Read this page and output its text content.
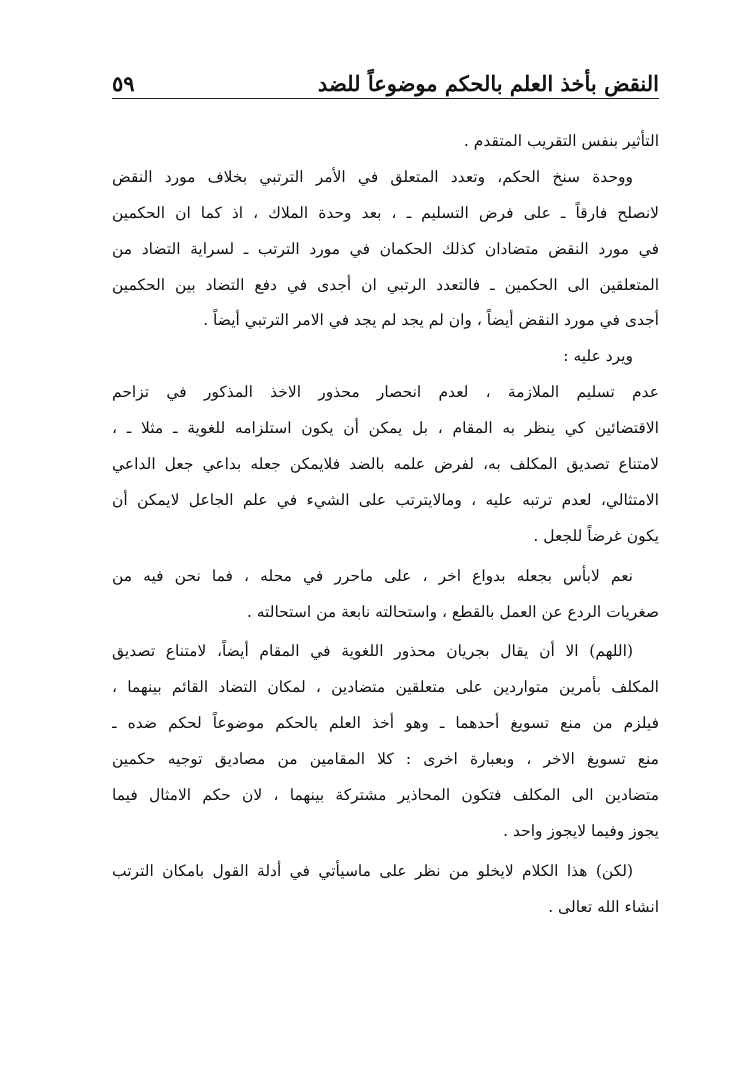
النقض بأخذ العلم بالحكم موضوعاً للضد
٥٩
التأثير بنفس التقريب المتقدم .
ووحدة سنخ الحكم، وتعدد المتعلق في الأمر الترتبي بخلاف مورد النقض
لانصلح فارقاً ـ على فرض التسليم ـ ، بعد وحدة الملاك ، اذ كما ان الحكمين
في مورد النقض متضادان كذلك الحكمان في مورد الترتب ـ لسراية التضاد من
المتعلقين الى الحكمين ـ فالتعدد الرتبي ان أجدى في دفع التضاد بين الحكمين
أجدى في مورد النقض أيضاً ، وان لم يجد لم يجد في الامر الترتبي أيضاً .
ويرد عليه :
عدم تسليم الملازمة ، لعدم انحصار محذور الاخذ المذكور في تزاحم
الاقتضائين كي ينظر به المقام ، بل يمكن أن يكون استلزامه للغوية ـ مثلا ـ ،
لامتناع تصديق المكلف به، لفرض علمه بالضد فلايمكن جعله بداعي جعل الداعي
الامتثالي، لعدم ترتبه عليه ، ومالايترتب على الشيء في علم الجاعل لايمكن أن
يكون غرضاً للجعل .
نعم لابأس بجعله بدواع اخر ، على ماحرر في محله ، فما نحن فيه من
صغريات الردع عن العمل بالقطع ، واستحالته نابعة من استحالته .
(اللهم) الا أن يقال بجريان محذور اللغوية في المقام أيضاً، لامتناع تصديق
المكلف بأمرين متواردين على متعلقين متضادين ، لمكان التضاد القائم بينهما ،
فيلزم من منع تسويغ أحدهما ـ وهو أخذ العلم بالحكم موضوعاً لحكم ضده ـ
منع تسويغ الاخر ، وبعبارة اخرى : كلا المقامين من مصاديق توجيه حكمين
متضادين الى المكلف فتكون المحاذير مشتركة بينهما ، لان حكم الامثال فيما
يجوز وفيما لايجوز واحد .
(لكن) هذا الكلام لايخلو من نظر على ماسيأتي في أدلة القول بامكان الترتب
انشاء الله تعالى .
